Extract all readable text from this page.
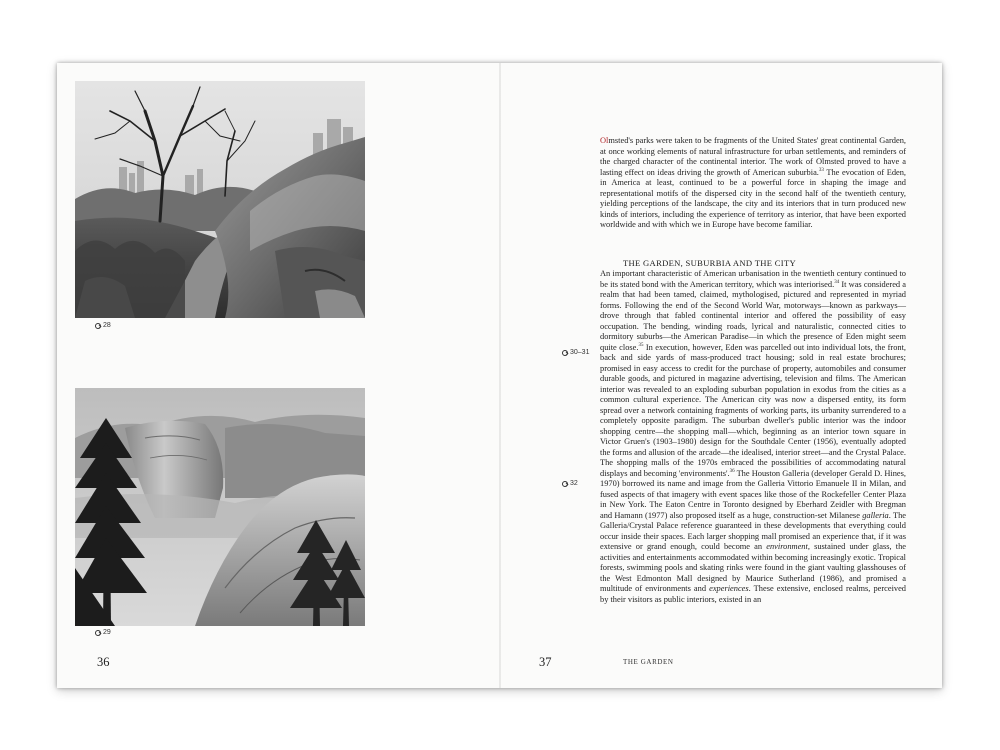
28
29
36
Olmsted's parks were taken to be fragments of the United States' great continental Garden, at once working elements of natural infrastructure for urban settlements, and reminders of the charged character of the continental interior. The work of Olmsted proved to have a lasting effect on ideas driving the growth of American suburbia.$^{33}$ The evocation of Eden, in America at least, continued to be a powerful force in shaping the image and representational motifs of the dispersed city in the second half of the twentieth century, yielding perceptions of the landscape, the city and its interiors that in turn produced new kinds of interiors, including the experience of territory as interior, that have been exported worldwide and with which we in Europe have become familiar.
THE GARDEN, SUBURBIA AND THE CITY
An important characteristic of American urbanisation in the twentieth century continued to be its stated bond with the American territory, which was interiorised.$^{34}$ It was considered a realm that had been tamed, claimed, mythologised, pictured and represented in myriad forms. Following the end of the Second World War, motorways—known as parkways—drove through that fabled continental interior and offered the possibility of easy occupation. The bending, winding roads, lyrical and naturalistic, connected cities to dormitory suburbs—the American Paradise—in which the presence of Eden might seem quite close.$^{35}$ In execution, however, Eden was parcelled out into individual lots, the front, back and side yards of mass-produced tract housing; sold in real estate brochures; promised in easy access to credit for the purchase of property, automobiles and consumer durable goods, and pictured in magazine advertising, television and films. The American interior was revealed to an exploding suburban population in exodus from the cities as a common cultural experience. The American city was now a dispersed entity, its form spread over a network containing fragments of working parts, its urbanity surrendered to a completely opposite paradigm. The suburban dweller's public interior was the indoor shopping centre—the shopping mall—which, beginning as an interior town square in Victor Gruen's (1903–1980) design for the Southdale Center (1956), eventually adopted the forms and allusion of the arcade—the idealised, interior street—and the Crystal Palace. The shopping malls of the 1970s embraced the possibilities of accommodating natural displays and becoming 'environments'.$^{36}$ The Houston Galleria (developer Gerald D. Hines, 1970) borrowed its name and image from the Galleria Vittorio Emanuele II in Milan, and fused aspects of that imagery with event spaces like those of the Rockefeller Center Plaza in New York. The Eaton Centre in Toronto designed by Eberhard Zeidler with Bregman and Hamann (1977) also proposed itself as a huge, construction-set Milanese galleria. The Galleria/Crystal Palace reference guaranteed in these developments that everything could occur inside their spaces. Each larger shopping mall promised an experience that, if it was extensive or grand enough, could become an environment, sustained under glass, the activities and entertainments accommodated within becoming increasingly exotic. Tropical forests, swimming pools and skating rinks were found in the giant vaulting glasshouses of the West Edmonton Mall designed by Maurice Sutherland (1986), and promised a multitude of environments and experiences. These extensive, enclosed realms, perceived by their visitors as public interiors, existed in an
30–31
32
37	THE GARDEN
